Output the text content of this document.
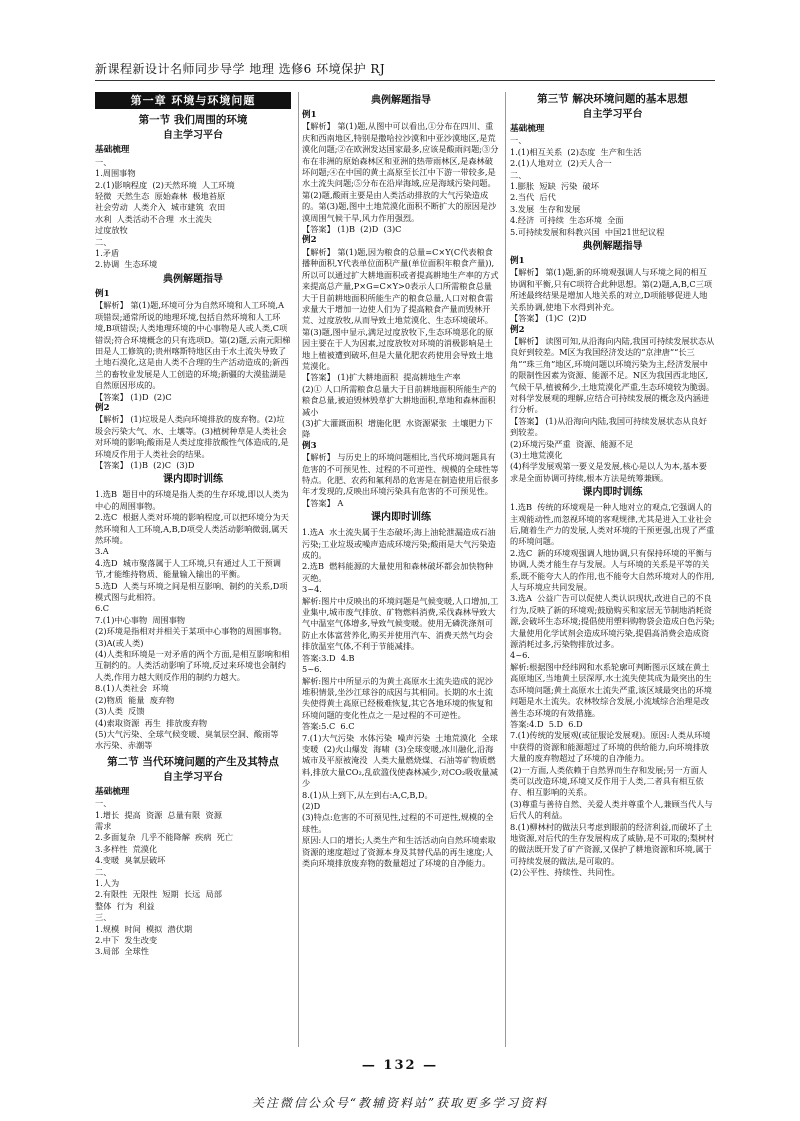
新课程新设计名师同步导学 地理 选修6 环境保护 RJ
第一章 环境与环境问题
第一节 我们周围的环境
自主学习平台
基础梳理
一、
1.周围事物
2.(1)影响程度  (2)天然环境  人工环境
轻微  天然生态  原始森林  极地苔原
社会劳动  人类介入  城市建筑  农田
水利  人类活动不合理  水土流失
过度放牧
二、
1.矛盾
2.协调  生态环境
典例解题指导
例1
【解析】 第(1)题,环境可分为自然环境和人工环境,A项错误;通常所说的地理环境,包括自然环境和人工环境,B项错误;人类地理环境的中心事物是人或人类,C项错误;符合环境概念的只有选项D。第(2)题,云南元阳梯田是人工修筑的;贵州喀斯特地区由于水土流失导致了土地石漠化,这是由人类不合理的生产活动造成的;新西兰的畜牧业发展是人工创造的环境;新疆的大漠盐湖是自然原因形成的。
【答案】 (1)D  (2)C
例2
【解析】 (1)垃圾是人类向环境排放的废弃物。(2)垃圾会污染大气、水、土壤等。(3)植树种草是人类社会对环境的影响;酸雨是人类过度排放酸性气体造成的,是环境反作用于人类社会的结果。
【答案】 (1)B  (2)C  (3)D
课内即时训练
1.选B  题目中的环境是指人类的生存环境,即以人类为中心的周围事物。
2.选C  根据人类对环境的影响程度,可以把环境分为天然环境和人工环境,A,B,D项受人类活动影响微弱,属天然环境。
3.A
4.选D  城市聚落属于人工环境,只有通过人工干预调节,才能维持物质、能量输入输出的平衡。
5.选D  人类与环境之间是相互影响、制约的关系,D项模式图与此相符。
6.C
7.(1)中心事物  周围事物
(2)环境是指相对并相关于某项中心事物的周围事物。
(3)A(或人类)
(4)人类和环境是一对矛盾的两个方面,是相互影响和相互制约的。人类活动影响了环境,反过来环境也会制约人类,作用力越大则反作用的制约力越大。
8.(1)人类社会  环境
(2)物质  能量  废弃物
(3)人类  反馈
(4)索取资源  再生  排放废弃物
(5)大气污染、全球气候变暖、臭氧层空洞、酸雨等  水污染、赤潮等
第二节 当代环境问题的产生及其特点
自主学习平台
基础梳理
一、
1.增长  提高  资源  总量有限  资源
需求
2.多面复杂  几乎不能降解  疾病  死亡
3.多样性  荒漠化
4.变暖  臭氧层破坏
二、
1.人为
2.有限性  无限性  短期  长远  局部
整体  行为  利益
三、
1.规模  时间  模拟  潜伏期
2.中下  发生改变
3.局部  全球性
典例解题指导
例1
【解析】 第(1)题,从图中可以看出,①分布在四川、重庆和西南地区,特别是撒哈拉沙漠和中亚沙漠地区,是荒漠化问题;②在欧洲发达国家最多,应该是酸雨问题;③分布在非洲的原始森林区和亚洲的热带雨林区,是森林破坏问题;④在中国的黄土高原至长江中下游一带较多,是水土流失问题;⑤分布在沿岸海域,应是海域污染问题。第(2)题,酸雨主要是由人类活动排放的大气污染造成的。第(3)题,图中土地荒漠化面积不断扩大的原因是沙漠周围气候干旱,风力作用强烈。
【答案】 (1)B  (2)D  (3)C
例2
【解析】 第(1)题,因为粮食的总量=C×Y(C代表粮食播种面积,Y代表单位面积产量(单位面积年粮食产量)),所以可以通过扩大耕地面积或者提高耕地生产率的方式来提高总产量,P×G=C×Y>0表示人口所需粮食总量大于目前耕地面积所能生产的粮食总量,人口对粮食需求量大于增加一边使人们为了提高粮食产量而毁林开荒、过度放牧,从而导致土地荒漠化、生态环境破坏。第(3)题,图中显示,满足过度放牧下,生态环境恶化的原因主要在于人为因素,过度放牧对环境的消极影响是土地上植被遭到破坏,但是大量化肥农药使用会导致土地荒漠化。
【答案】 (1)扩大耕地面积  提高耕地生产率
(2)① 人口所需粮食总量大于目前耕地面积所能生产的粮食总量,被迫毁林毁草扩大耕地面积,草地和森林面积减小
(3)扩大灌溉面积  增施化肥  水资源紧张  土壤肥力下降
例3
【解析】 与历史上的环境问题相比,当代环境问题具有危害的不可预见性、过程的不可逆性、规模的全球性等特点。化肥、农药和氟利昂的危害是在制造使用后很多年才发现的,反映出环境污染具有危害的不可预见性。
【答案】 A
课内即时训练
1.选A  水土流失属于生态破坏;海上油轮泄漏造成石油污染;工业垃圾或噪声造成环境污染;酸雨是大气污染造成的。
2.选B  燃料能源的大量使用和森林破坏都会加快物种灭绝。
3~4.
解析:图片中反映出的环境问题是气候变暖,人口增加,工业集中,城市废气排放、矿物燃料消费,采伐森林导致大气中温室气体增多,导致气候变暖。使用无磷洗涤剂可防止水体富营养化,购买并使用汽车、消费天然气均会排放温室气体,不利于节能减排。
答案:3.D  4.B
5~6.
解析:图片中所显示的为黄土高原水土流失造成的泥沙堆积情景,坐沙江球谷的成因与其相同。长期的水土流失使得黄土高原已经极难恢复,其它各地环境的恢复和环境问题的变化性点之一是过程的不可逆性。
答案:5.C  6.C
7.(1)大气污染  水体污染  噪声污染  土地荒漠化  全球变暖  (2)火山爆发  海啸  (3)全球变暖,冰川融化,沿海城市及平原被淹没  人类大量燃烧煤、石油等矿物质燃料,排放大量CO₂,乱砍滥伐使森林减少,对CO₂吸收量减少
8.(1)从上到下,从左到右:A,C,B,D。
(2)D
(3)特点:危害的不可预见性,过程的不可逆性,规模的全球性。
原因:人口的增长;人类生产和生活活动向自然环境索取资源的速度超过了资源本身及其替代品的再生速度;人类向环境排放废弃物的数量超过了环境的自净能力。
第三节 解决环境问题的基本思想
自主学习平台
基础梳理
一、
1.(1)相互关系  (2)态度  生产和生活
2.(1)人地对立  (2)天人合一
二、
1.膨胀  短缺  污染  破坏
2.当代  后代
3.发展  生存和发展
4.经济  可持续  生态环境  全面
5.可持续发展和科教兴国  中国21世纪议程
典例解题指导
例1
【解析】 第(1)题,新的环境观强调人与环境之间的相互协调和平衡,只有C项符合此种思想。第(2)题,A,B,C三项所述最终结果是增加人地关系的对立,D项能够促进人地关系协调,使地下水得到补充。
【答案】 (1)C  (2)D
例2
【解析】 读图可知,从沿海向内陆,我国可持续发展状态从良好到较差。M区为我国经济发达的“京津唐”“长三角”“珠三角”地区,环境问题以环境污染为主,经济发展中的限制性因素为资源、能源不足。N区为我国西北地区,气候干旱,植被稀少,土地荒漠化严重,生态环境较为脆弱。对科学发展观的理解,应结合可持续发展的概念及内涵进行分析。
【答案】 (1)从沿海向内陆,我国可持续发展状态从良好到较差。
(2)环境污染严重  资源、能源不足
(3)土地荒漠化
(4)科学发展观第一要义是发展,核心是以人为本,基本要求是全面协调可持续,根本方法是统筹兼顾。
课内即时训练
1.选B  传统的环境观是一种人地对立的观点,它强调人的主观能动性,而忽视环境的客观规律,尤其是进入工业社会后,随着生产力的发展,人类对环境的干预更强,出现了严重的环境问题。
2.选C  新的环境观强调人地协调,只有保持环境的平衡与协调,人类才能生存与发展。人与环境的关系是平等的关系,既不能夸大人的作用,也不能夸大自然环境对人的作用,人与环境应共同发展。
3.选A  公益广告可以促使人类认识现状,改进自己的不良行为,反映了新的环境观;鼓励购买和家居无节制地消耗资源,会破坏生态环境;提倡使用塑料购物袋会造成白色污染;大量使用化学试剂会造成环境污染,提倡高消费会造成资源消耗过多,污染物排放过多。
4~6.
解析:根据图中经纬网和水系轮廓可判断图示区域在黄土高原地区,当地黄土层深厚,水土流失使其成为最突出的生态环境问题;黄土高原水土流失严重,该区域最突出的环境问题是水土流失。农林牧综合发展,小流域综合治理是改善生态环境的有效措施。
答案:4.D  5.D  6.D
7.(1)传统的发展观(或征服论发展观)。原因:人类从环境中获得的资源和能源超过了环境的供给能力,向环境排放大量的废弃物超过了环境的自净能力。
(2)一方面,人类依赖于自然界而生存和发展;另一方面人类可以改造环境,环境又反作用于人类,二者具有相互依存、相互影响的关系。
(3)尊重与善待自然、关爱人类并尊重个人,兼顾当代人与后代人的利益。
8.(1)柳林村的做法只考虑到眼前的经济利益,而破坏了土地资源,对后代的生存发展构成了威胁,是不可取的;梨树村的做法既开发了矿产资源,又保护了耕地资源和环境,属于可持续发展的做法,是可取的。
(2)公平性、持续性、共同性。
— 132 —
关注微信公众号“教辅资料站”获取更多学习资料
